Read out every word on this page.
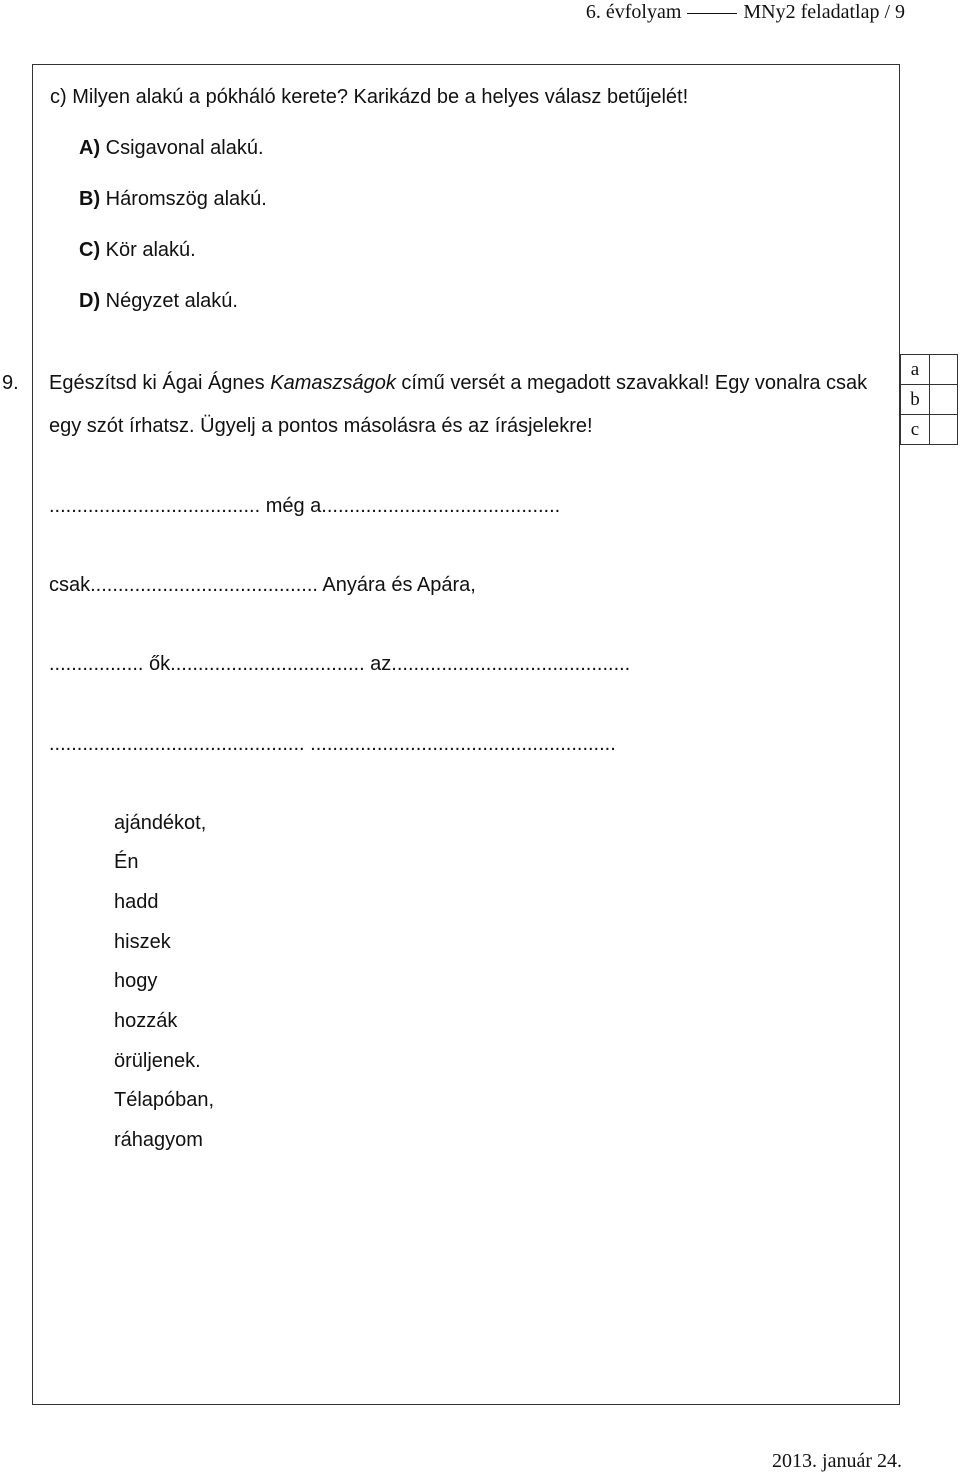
6. évfolyam	MNy2 feladatlap / 9
c) Milyen alakú a pókháló kerete? Karikázd be a helyes válasz betűjelét!
A) Csigavonal alakú.
B) Háromszög alakú.
C) Kör alakú.
D) Négyzet alakú.
9. Egészítsd ki Ágai Ágnes Kamaszságok című versét a megadott szavakkal! Egy vonalra csak
egy szót írhatsz. Ügyelj a pontos másolásra és az írásjelekre!
a	
b	
c	
...................................... még a...........................................
csak......................................... Anyára és Apára,
................. ők................................... az...........................................
.............................................. .......................................................
ajándékot,
Én
hadd
hiszek
hogy
hozzák
örüljenek.
Télapóban,
ráhagyom
2013. január 24.
